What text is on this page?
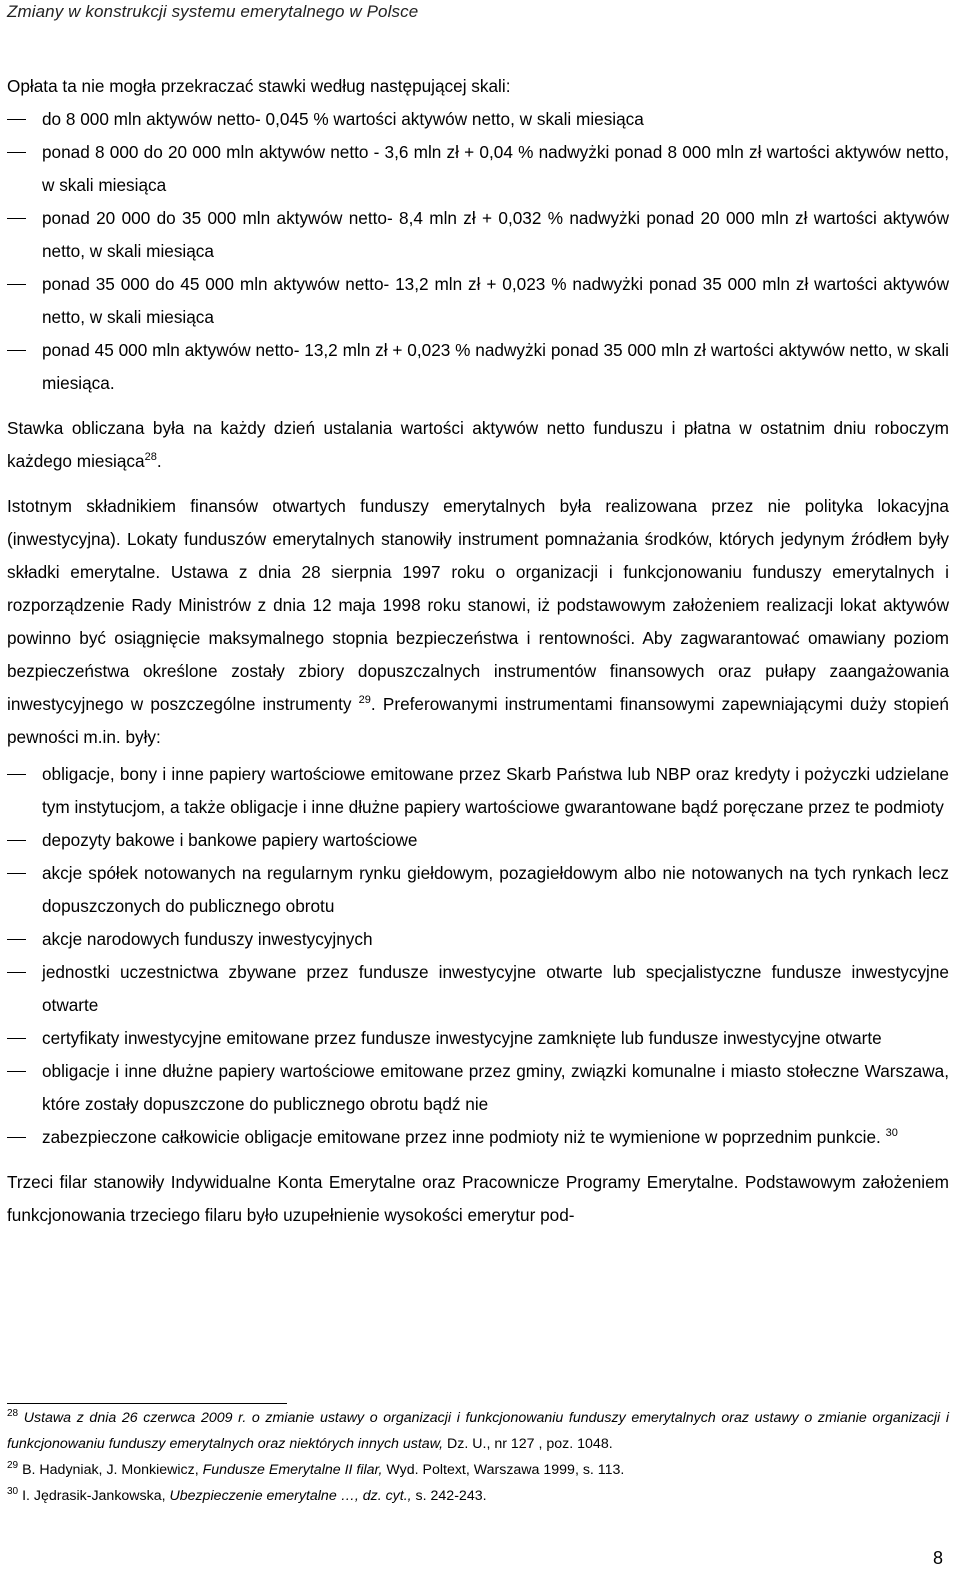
Zmiany w konstrukcji systemu emerytalnego w Polsce

Opłata ta nie mogła przekraczać stawki według następującej skali:

do 8 000 mln aktywów netto- 0,045 % wartości aktywów netto, w skali miesiąca
ponad 8 000 do 20 000 mln aktywów netto - 3,6 mln zł + 0,04 % nadwyżki ponad 8 000 mln zł wartości aktywów netto, w skali miesiąca
ponad 20 000 do 35 000 mln aktywów netto- 8,4 mln zł + 0,032 % nadwyżki ponad 20 000 mln zł wartości aktywów netto, w skali miesiąca
ponad 35 000 do 45 000 mln aktywów netto- 13,2 mln zł + 0,023 % nadwyżki ponad 35 000 mln zł wartości aktywów netto, w skali miesiąca
ponad 45 000 mln aktywów netto- 13,2 mln zł + 0,023 % nadwyżki ponad 35 000 mln zł wartości aktywów netto, w skali miesiąca.

Stawka obliczana była na każdy dzień ustalania wartości aktywów netto funduszu i płatna w ostatnim dniu roboczym każdego miesiąca$^{28}$.

Istotnym składnikiem finansów otwartych funduszy emerytalnych była realizowana przez nie polityka lokacyjna (inwestycyjna). Lokaty funduszów emerytalnych stanowiły instrument pomnażania środków, których jedynym źródłem były składki emerytalne. Ustawa z dnia 28 sierpnia 1997 roku o organizacji i funkcjonowaniu funduszy emerytalnych i rozporządzenie Rady Ministrów z dnia 12 maja 1998 roku stanowi, iż podstawowym założeniem realizacji lokat aktywów powinno być osiągnięcie maksymalnego stopnia bezpieczeństwa i rentowności. Aby zagwarantować omawiany poziom bezpieczeństwa określone zostały zbiory dopuszczalnych instrumentów finansowych oraz pułapy zaangażowania inwestycyjnego w poszczególne instrumenty $^{29}$. Preferowanymi instrumentami finansowymi zapewniającymi duży stopień pewności m.in. były:

obligacje, bony i inne papiery wartościowe emitowane przez Skarb Państwa lub NBP oraz kredyty i pożyczki udzielane tym instytucjom, a także obligacje i inne dłużne papiery wartościowe gwarantowane bądź poręczane przez te podmioty
depozyty bakowe i bankowe papiery wartościowe
akcje spółek notowanych na regularnym rynku giełdowym, pozagiełdowym albo nie notowanych na tych rynkach lecz dopuszczonych do publicznego obrotu
akcje narodowych funduszy inwestycyjnych
jednostki uczestnictwa zbywane przez fundusze inwestycyjne otwarte lub specjalistyczne fundusze inwestycyjne otwarte
certyfikaty inwestycyjne emitowane przez fundusze inwestycyjne zamknięte lub fundusze inwestycyjne otwarte
obligacje i inne dłużne papiery wartościowe emitowane przez gminy, związki komunalne i miasto stołeczne Warszawa, które zostały dopuszczone do publicznego obrotu bądź nie
zabezpieczone całkowicie obligacje emitowane przez inne podmioty niż te wymienione w poprzednim punkcie. $^{30}$

Trzeci filar stanowiły Indywidualne Konta Emerytalne oraz Pracownicze Programy Emerytalne. Podstawowym założeniem funkcjonowania trzeciego filaru było uzupełnienie wysokości emerytur pod-

$^{28}$ Ustawa z dnia 26 czerwca 2009 r. o zmianie ustawy o organizacji i funkcjonowaniu funduszy emerytalnych oraz ustawy o zmianie organizacji i funkcjonowaniu funduszy emerytalnych oraz niektórych innych ustaw, Dz. U., nr 127 , poz. 1048.

$^{29}$ B. Hadyniak, J. Monkiewicz, Fundusze Emerytalne II filar, Wyd. Poltext, Warszawa 1999, s. 113.

$^{30}$ I. Jędrasik-Jankowska, Ubezpieczenie emerytalne …, dz. cyt., s. 242-243.

8
